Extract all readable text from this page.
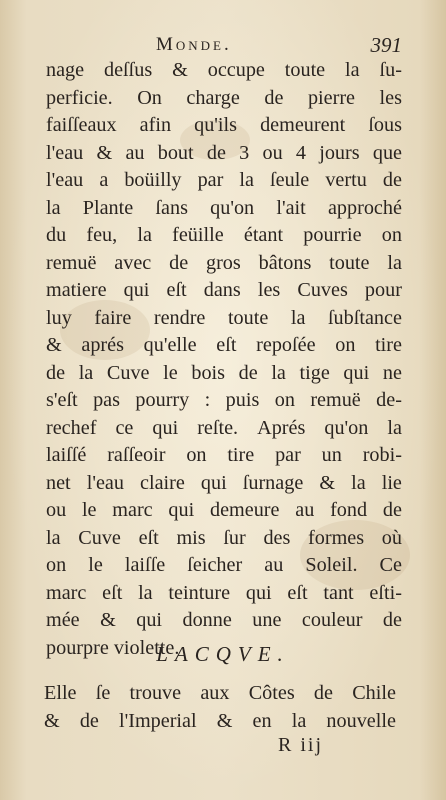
Monde.	391
nage deſſus & occupe toute la ſu-
perficie. On charge de pierre les
faiſſeaux afin qu'ils demeurent ſous
l'eau & au bout de 3 ou 4 jours que
l'eau a boüilly par la ſeule vertu de
la Plante ſans qu'on l'ait approché
du feu, la feüille étant pourrie on
remuë avec de gros bâtons toute la
matiere qui eſt dans les Cuves pour
luy faire rendre toute la ſubſtance
& aprés qu'elle eſt repoſée on tire
de la Cuve le bois de la tige qui ne
s'eſt pas pourry : puis on remuë de-
rechef ce qui reſte. Aprés qu'on la
laiſſé raſſeoir on tire par un robi-
net l'eau claire qui ſurnage & la lie
ou le marc qui demeure au fond de
la Cuve eſt mis ſur des formes où
on le laiſſe ſeicher au Soleil. Ce
marc eſt la teinture qui eſt tant eſti-
mée & qui donne une couleur de
pourpre violette.
LACQVE.
Elle ſe trouve aux Côtes de Chile
& de l'Imperial & en la nouvelle
R iij
